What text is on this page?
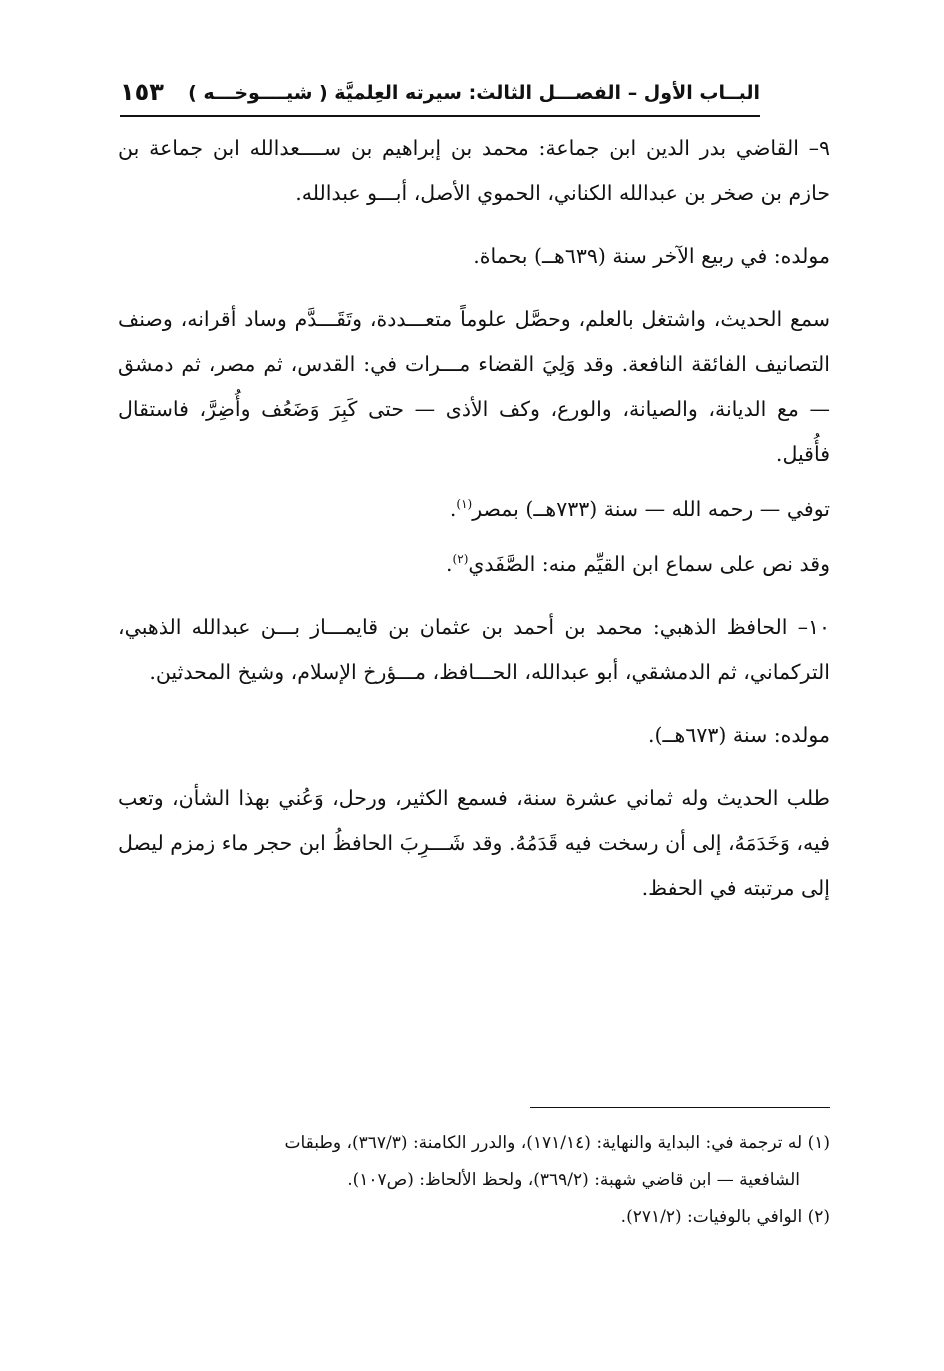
البــاب الأول – الفصـــل الثالث: سيرته العِلميَّة ( شيــــوخـــه )
١٥٣

٩– القاضي بدر الدين ابن جماعة: محمد بن إبراهيم بن ســــعدالله ابن جماعة بن حازم بن صخر بن عبدالله الكناني، الحموي الأصل، أبـــو عبدالله.

مولده: في ربيع الآخر سنة (٦٣٩هــ) بحماة.

سمع الحديث، واشتغل بالعلم، وحصَّل علوماً متعـــددة، وتَقَـــدَّم وساد أقرانه، وصنف التصانيف الفائقة النافعة. وقد وَلِيَ القضاء مـــرات في: القدس، ثم مصر، ثم دمشق — مع الديانة، والصيانة، والورع، وكف الأذى — حتى كَبِرَ وَضَعُف وأُضِرَّ، فاستقال فأُقيل.

توفي — رحمه الله — سنة (٧٣٣هــ) بمصر$^{(١)}$.

وقد نص على سماع ابن القيِّم منه: الصَّفَدي$^{(٢)}$.

١٠– الحافظ الذهبي: محمد بن أحمد بن عثمان بن قايمـــاز بـــن عبدالله الذهبي، التركماني، ثم الدمشقي، أبو عبدالله، الحـــافظ، مـــؤرخ الإسلام، وشيخ المحدثين.

مولده: سنة (٦٧٣هــ).

طلب الحديث وله ثماني عشرة سنة، فسمع الكثير، ورحل، وَعُني بهذا الشأن، وتعب فيه، وَخَدَمَهُ، إلى أن رسخت فيه قَدَمُهُ. وقد شَـــرِبَ الحافظُ ابن حجر ماء زمزم ليصل إلى مرتبته في الحفظ.

(١) له ترجمة في: البداية والنهاية: (١٧١/١٤)، والدرر الكامنة: (٣٦٧/٣)، وطبقات

الشافعية — ابن قاضي شهبة: (٣٦٩/٢)، ولحظ الألحاظ: (ص١٠٧).

(٢) الوافي بالوفيات: (٢٧١/٢).
